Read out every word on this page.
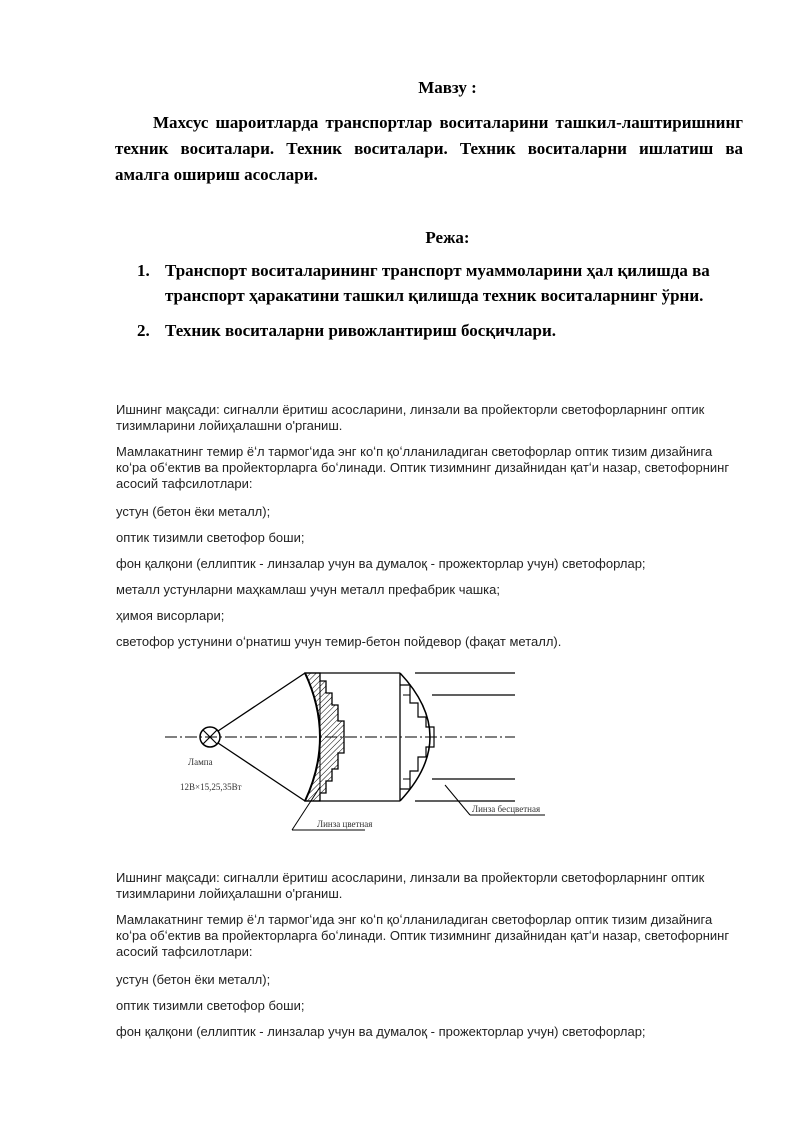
Мавзу :

Махсус шароитларда транспортлар воситаларини ташкил-лаштиришнинг техник воситалари. Техник воситалари. Техник воситаларни ишлатиш ва амалга ошириш асослари.

Режа:
1. Транспорт воситаларининг транспорт муаммоларини ҳал қилишда ва транспорт ҳаракатини ташкил қилишда техник воситаларнинг ўрни.
2. Техник воситаларни ривожлантириш босқичлари.

Ишнинг мақсади: сигналли ёритиш асосларини, линзали ва пройекторли светофорларнинг оптик тизимларини лойиҳалашни о'рганиш.

Мамлакатнинг темир ёʻл тармогʻида энг коʻп қоʻлланиладиган светофорлар оптик тизим дизайнига коʻра обʻектив ва пройекторларга боʻлинади. Оптик тизимнинг дизайнидан қатʻи назар, светофорнинг асосий тафсилотлари:

устун (бетон ёки металл);

оптик тизимли светофор боши;

фон қалқони (еллиптик - линзалар учун ва думалоқ - прожекторлар учун) светофорлар;

металл устунларни маҳкамлаш учун металл префабрик чашка;

ҳимоя висорлари;

светофор устунини оʻрнатиш учун темир-бетон пойдевор (фақат металл).

Лампа
12В×15,25,35Вт
Линза цветная
Линза бесцветная

Ишнинг мақсади: сигналли ёритиш асосларини, линзали ва пройекторли светофорларнинг оптик тизимларини лойиҳалашни о'рганиш.

Мамлакатнинг темир ёʻл тармогʻида энг коʻп қоʻлланиладиган светофорлар оптик тизим дизайнига коʻра обʻектив ва пройекторларга боʻлинади. Оптик тизимнинг дизайнидан қатʻи назар, светофорнинг асосий тафсилотлари:

устун (бетон ёки металл);

оптик тизимли светофор боши;

фон қалқони (еллиптик - линзалар учун ва думалоқ - прожекторлар учун) светофорлар;
